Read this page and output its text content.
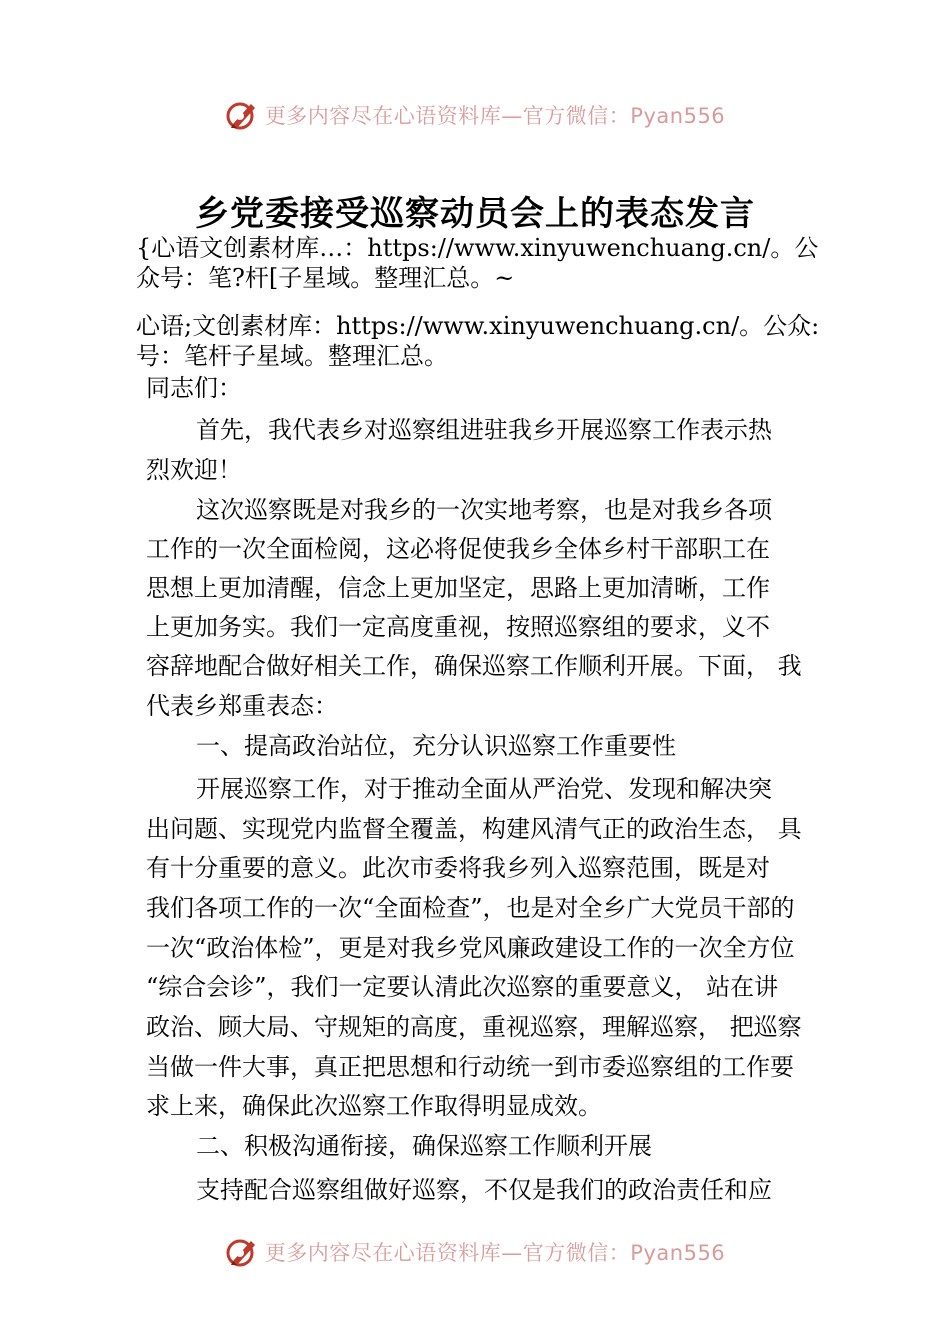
更多内容尽在心语资料库—官方微信：Pyan556
乡党委接受巡察动员会上的表态发言
{心语文创素材库…：https://www.xinyuwenchuang.cn/。公
众号：笔?杆[子星域。整理汇总。~
心语;文创素材库：https://www.xinyuwenchuang.cn/。公众:
号：笔杆子星域。整理汇总。
同志们：
首先，我代表乡对巡察组进驻我乡开展巡察工作表示热
烈欢迎！
这次巡察既是对我乡的一次实地考察，也是对我乡各项
工作的一次全面检阅，这必将促使我乡全体乡村干部职工在
思想上更加清醒，信念上更加坚定，思路上更加清晰，工作
上更加务实。我们一定高度重视，按照巡察组的要求，义不
容辞地配合做好相关工作，确保巡察工作顺利开展。下面， 我
代表乡郑重表态：
一、提高政治站位，充分认识巡察工作重要性
开展巡察工作，对于推动全面从严治党、发现和解决突
出问题、实现党内监督全覆盖，构建风清气正的政治生态， 具
有十分重要的意义。此次市委将我乡列入巡察范围，既是对
我们各项工作的一次“全面检查”，也是对全乡广大党员干部的
一次“政治体检”，更是对我乡党风廉政建设工作的一次全方位
“综合会诊”，我们一定要认清此次巡察的重要意义， 站在讲
政治、顾大局、守规矩的高度，重视巡察，理解巡察， 把巡察
当做一件大事，真正把思想和行动统一到市委巡察组的工作要
求上来，确保此次巡察工作取得明显成效。
二、积极沟通衔接，确保巡察工作顺利开展
支持配合巡察组做好巡察，不仅是我们的政治责任和应
更多内容尽在心语资料库—官方微信：Pyan556
